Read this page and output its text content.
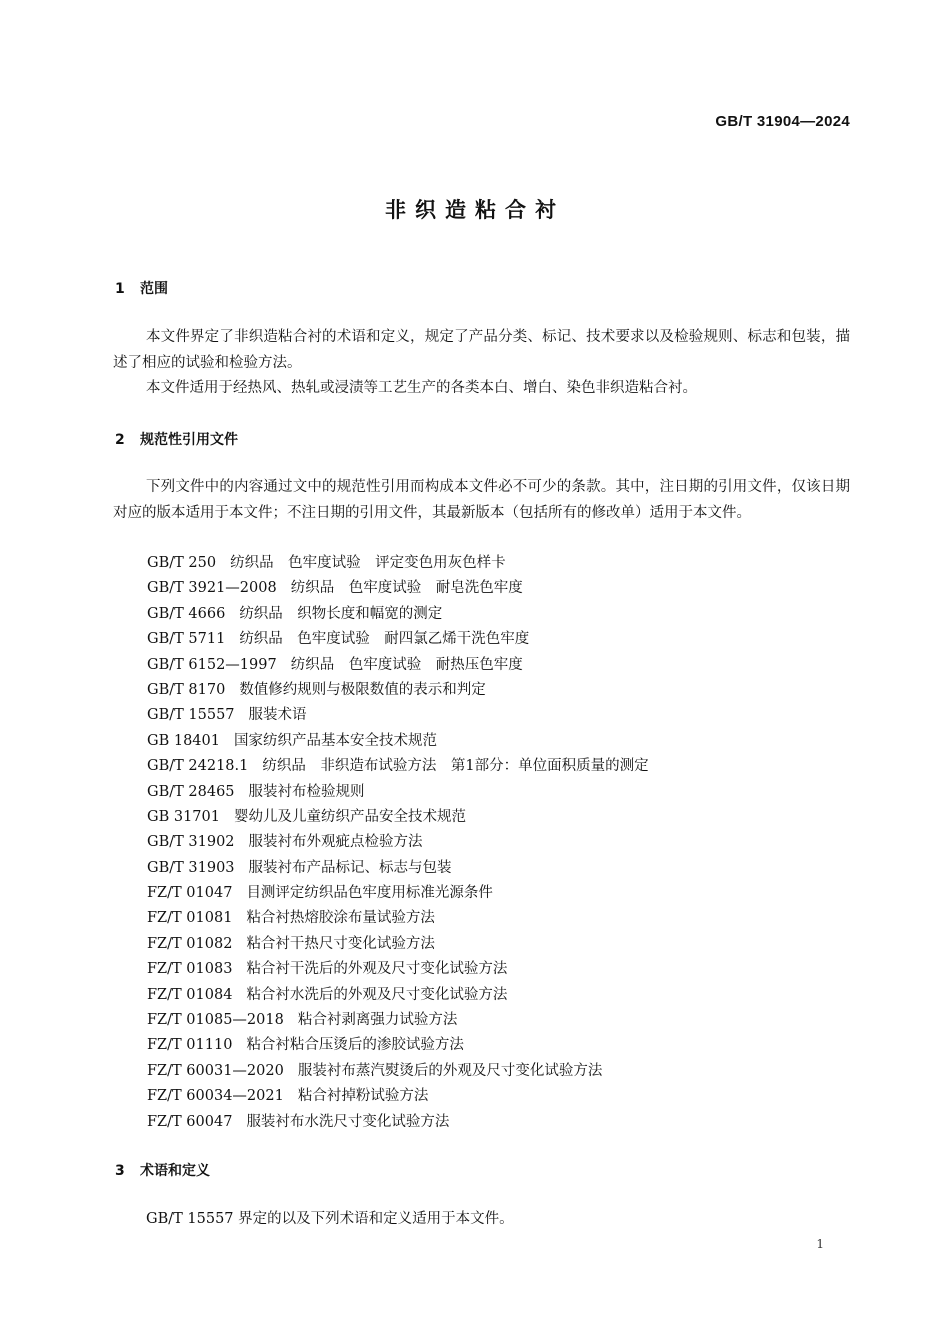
GB/T 31904—2024
非织造粘合衬
1 范围
本文件界定了非织造粘合衬的术语和定义，规定了产品分类、标记、技术要求以及检验规则、标志和包装，描述了相应的试验和检验方法。
本文件适用于经热风、热轧或浸渍等工艺生产的各类本白、增白、染色非织造粘合衬。
2 规范性引用文件
下列文件中的内容通过文中的规范性引用而构成本文件必不可少的条款。其中，注日期的引用文件，仅该日期对应的版本适用于本文件；不注日期的引用文件，其最新版本（包括所有的修改单）适用于本文件。
GB/T 250 纺织品　色牢度试验　评定变色用灰色样卡
GB/T 3921—2008 纺织品　色牢度试验　耐皂洗色牢度
GB/T 4666 纺织品　织物长度和幅宽的测定
GB/T 5711 纺织品　色牢度试验　耐四氯乙烯干洗色牢度
GB/T 6152—1997 纺织品　色牢度试验　耐热压色牢度
GB/T 8170 数值修约规则与极限数值的表示和判定
GB/T 15557 服装术语
GB 18401 国家纺织产品基本安全技术规范
GB/T 24218.1 纺织品　非织造布试验方法　第1部分：单位面积质量的测定
GB/T 28465 服装衬布检验规则
GB 31701 婴幼儿及儿童纺织产品安全技术规范
GB/T 31902 服装衬布外观疵点检验方法
GB/T 31903 服装衬布产品标记、标志与包装
FZ/T 01047 目测评定纺织品色牢度用标准光源条件
FZ/T 01081 粘合衬热熔胶涂布量试验方法
FZ/T 01082 粘合衬干热尺寸变化试验方法
FZ/T 01083 粘合衬干洗后的外观及尺寸变化试验方法
FZ/T 01084 粘合衬水洗后的外观及尺寸变化试验方法
FZ/T 01085—2018 粘合衬剥离强力试验方法
FZ/T 01110 粘合衬粘合压烫后的渗胶试验方法
FZ/T 60031—2020 服装衬布蒸汽熨烫后的外观及尺寸变化试验方法
FZ/T 60034—2021 粘合衬掉粉试验方法
FZ/T 60047 服装衬布水洗尺寸变化试验方法
3 术语和定义
GB/T 15557 界定的以及下列术语和定义适用于本文件。
1
